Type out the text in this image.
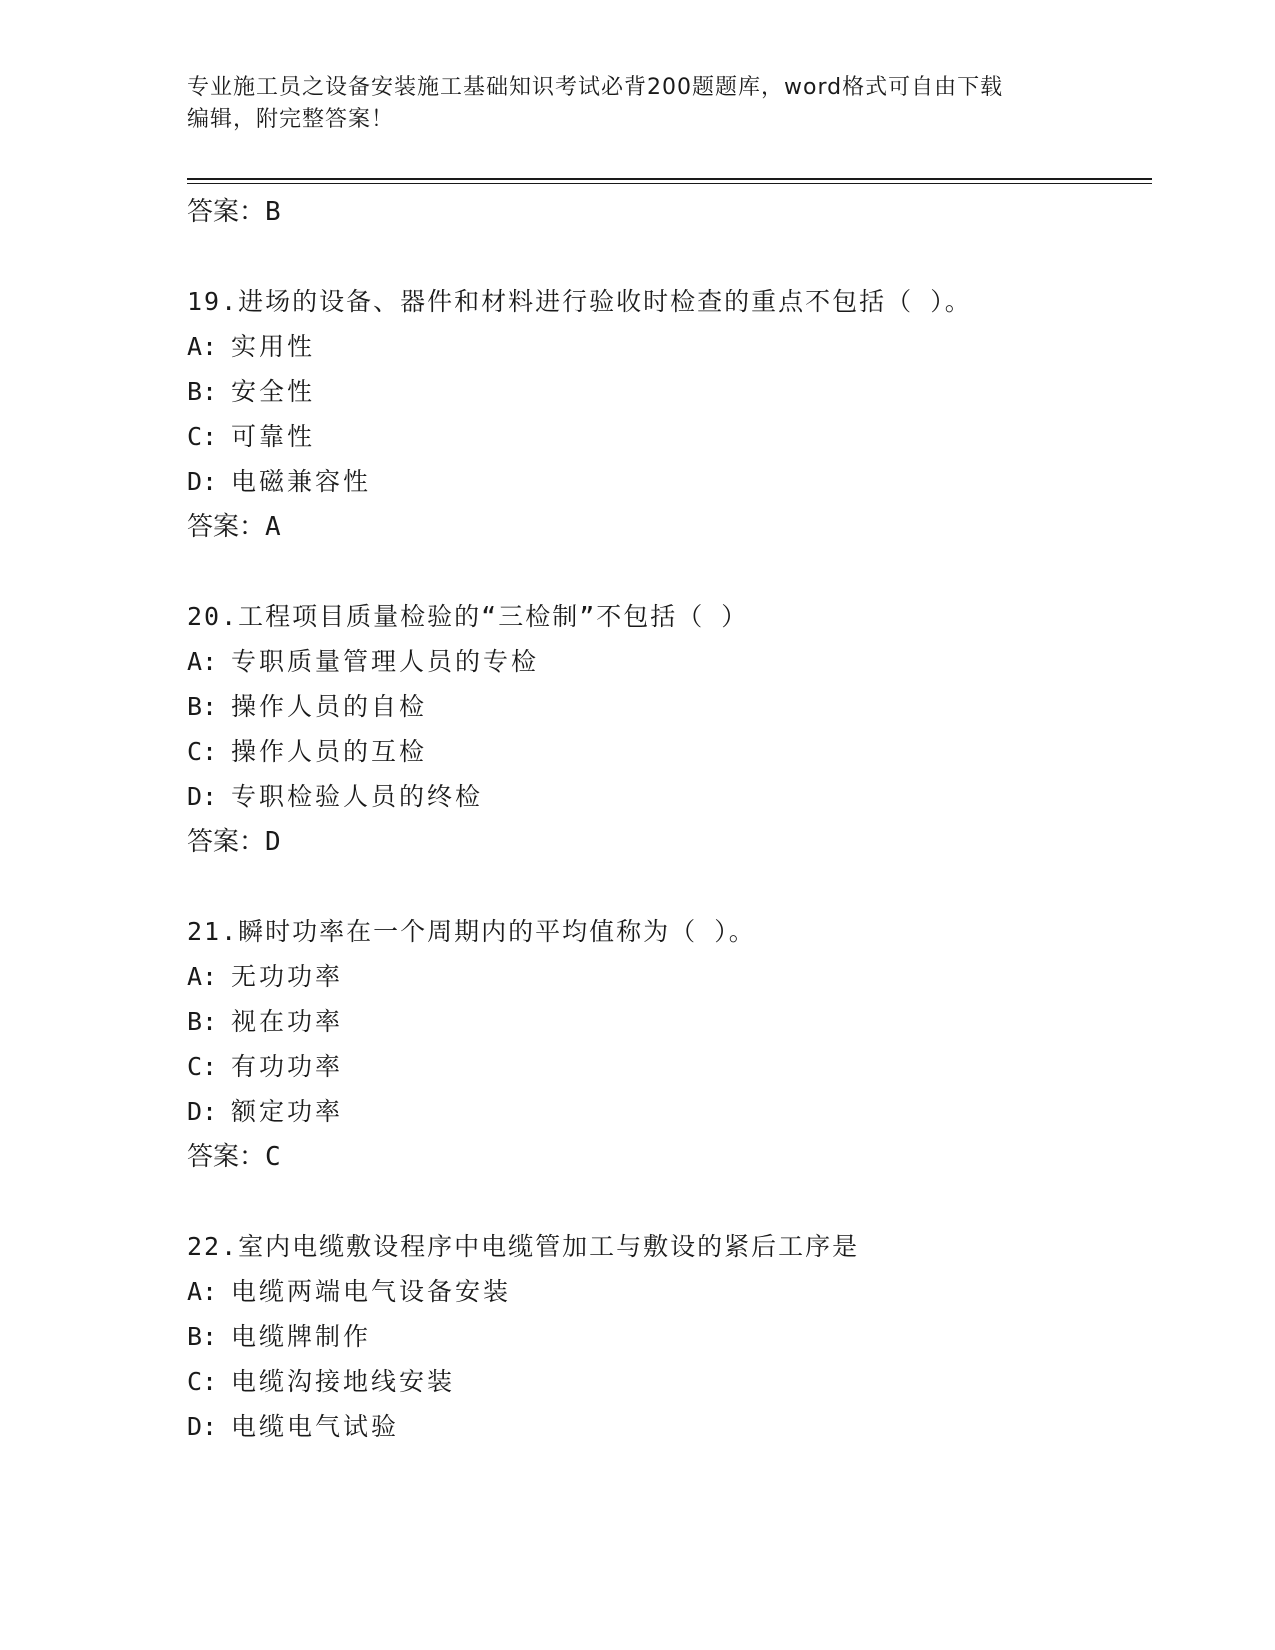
专业施工员之设备安装施工基础知识考试必背200题题库，word格式可自由下载
编辑，附完整答案！
答案：B
19.进场的设备、器件和材料进行验收时检查的重点不包括（ ）。
A: 实用性
B: 安全性
C: 可靠性
D: 电磁兼容性
答案：A
20.工程项目质量检验的“三检制”不包括（ ）
A: 专职质量管理人员的专检
B: 操作人员的自检
C: 操作人员的互检
D: 专职检验人员的终检
答案：D
21.瞬时功率在一个周期内的平均值称为（ ）。
A: 无功功率
B: 视在功率
C: 有功功率
D: 额定功率
答案：C
22.室内电缆敷设程序中电缆管加工与敷设的紧后工序是
A: 电缆两端电气设备安装
B: 电缆牌制作
C: 电缆沟接地线安装
D: 电缆电气试验
